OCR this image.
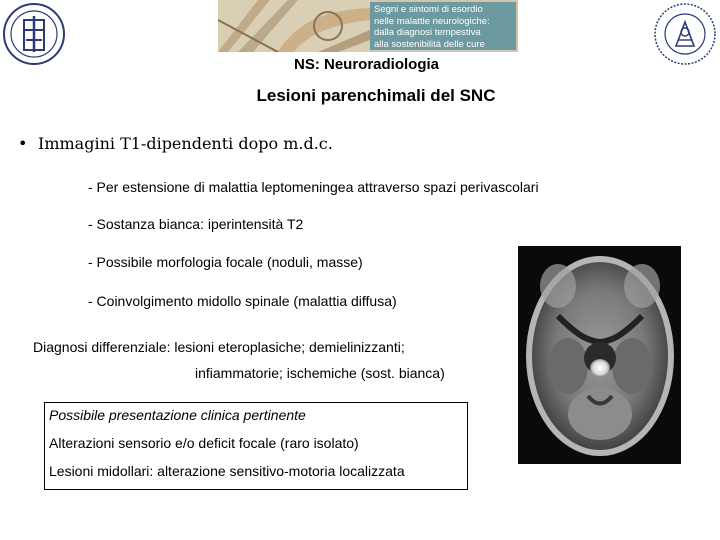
Segni e sintomi di esordio
nelle malattie neurologiche:
dalla diagnosi tempestiva
alla sostenibilità delle cure
NS: Neuroradiologia
Lesioni parenchimali del SNC
• Immagini T1-dipendenti dopo m.d.c.
- Per estensione di malattia leptomeningea attraverso spazi perivascolari
- Sostanza bianca: iperintensità T2
- Possibile morfologia focale (noduli, masse)
- Coinvolgimento midollo spinale (malattia diffusa)
Diagnosi differenziale: lesioni eteroplasiche; demielinizzanti;
infiammatorie; ischemiche (sost. bianca)
Possibile presentazione clinica pertinente
Alterazioni sensorio e/o deficit focale (raro isolato)
Lesioni midollari: alterazione sensitivo-motoria localizzata
